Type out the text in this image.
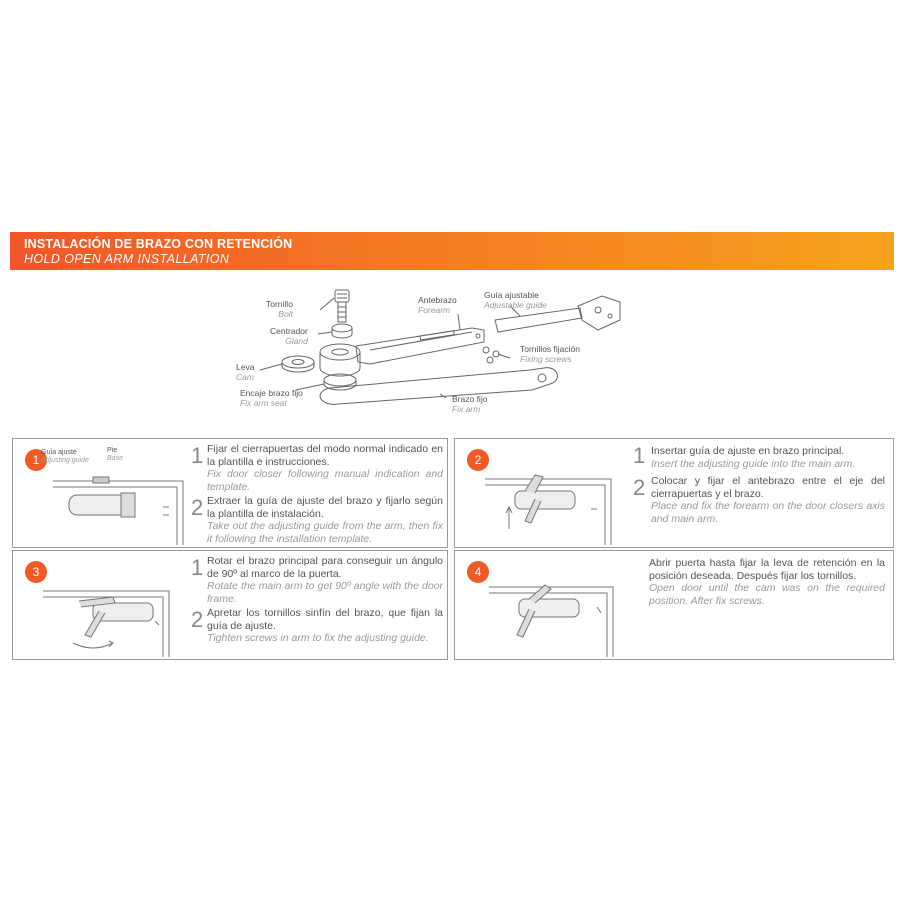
INSTALACIÓN DE BRAZO CON RETENCIÓN
HOLD OPEN ARM INSTALLATION
Tornillo
Bolt
Centrador
Gland
Leva
Cam
Encaje brazo fijo
Fix arm seat
Antebrazo
Forearm
Guía ajustable
Adjustable guide
Tornillos fijación
Fixing screws
Brazo fijo
Fix arm
1
Guía ajuste
Adjusting guide
Pie
Base	1 Fijar el cierrapuertas del modo normal indicado en la plantilla e instrucciones.
Fix door closer following manual indication and template.
2 Extraer la guía de ajuste del brazo y fijarlo según la plantilla de instalación.
Take out the adjusting guide from the arm, then fix it following the installation template.
2	1 Insertar guía de ajuste en brazo principal.
Insert the adjusting guide into the main arm.
2 Colocar y fijar el antebrazo entre el eje del cierrapuertas y el brazo.
Place and fix the forearm on the door closers axis and main arm.
3	1 Rotar el brazo principal para conseguir un ángulo de 90º al marco de la puerta.
Rotate the main arm to get 90º angle with the door frame.
2 Apretar los tornillos sinfín del brazo, que fijan la guía de ajuste.
Tighten screws in arm to fix the adjusting guide.
4
Abrir puerta hasta fijar la leva de retención en la posición deseada. Después fijar los tornillos.
Open door until the cam was on the required position. After fix screws.
